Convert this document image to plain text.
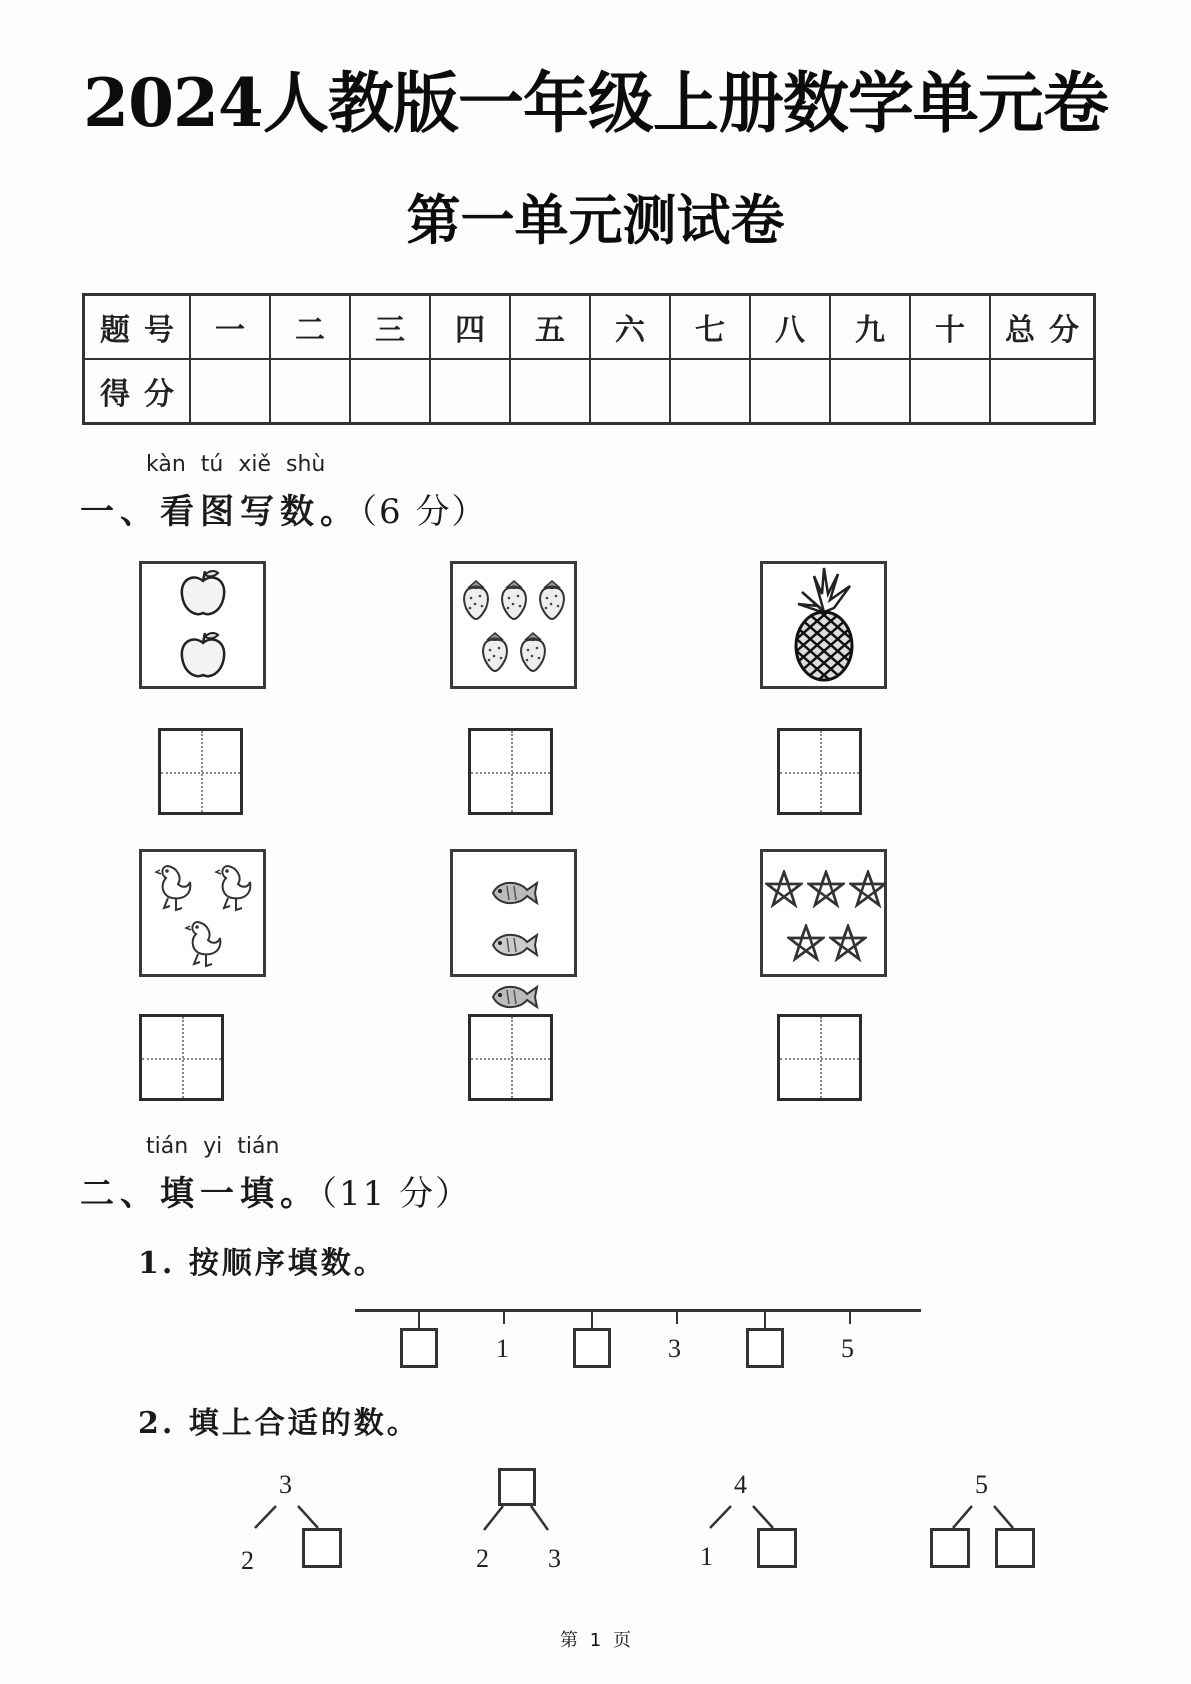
2024人教版一年级上册数学单元卷
第一单元测试卷
题号	一	二	三	四	五	六	七	八	九	十	总分
得分											
kàn tú xiě shù
一、看图写数。（6 分）
tián yi tián
二、填一填。（11 分）
1. 按顺序填数。
1	3	5
2. 填上合适的数。
3
2	2 3
4
1
5
第 1 页
